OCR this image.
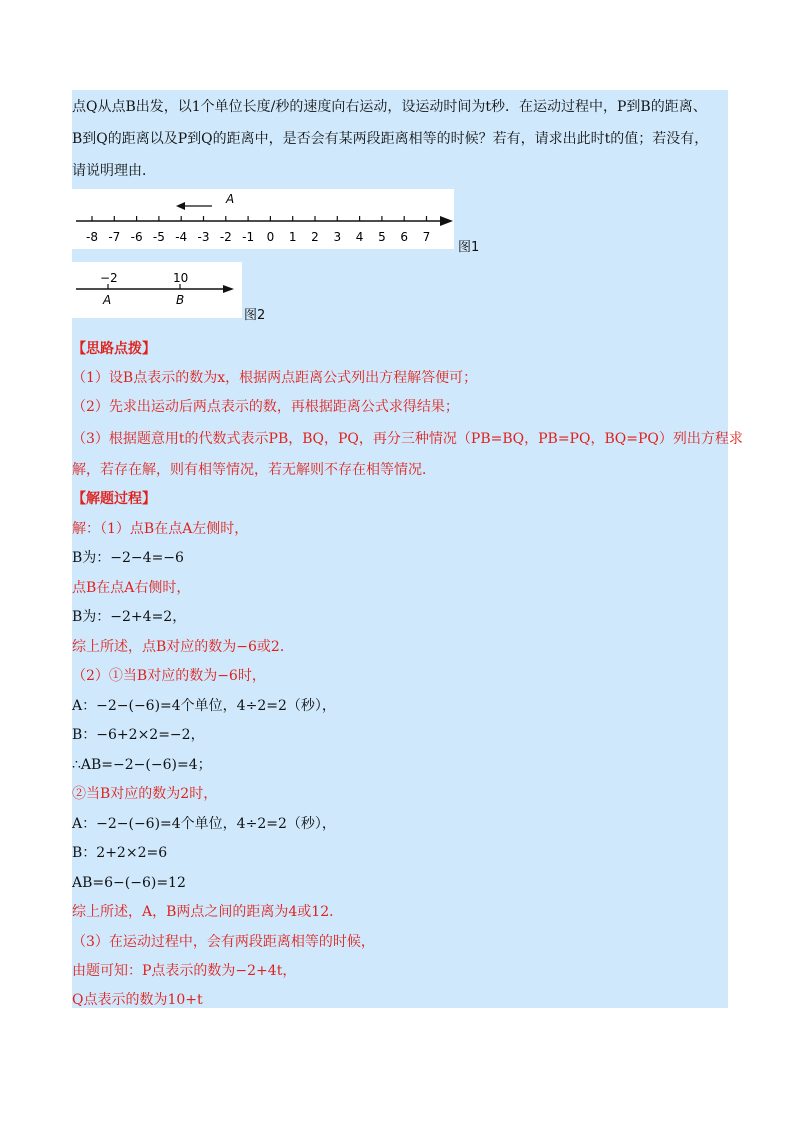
点Q从点B出发，以1个单位长度/秒的速度向右运动，设运动时间为t秒．在运动过程中，P到B的距离、
B到Q的距离以及P到Q的距离中，是否会有某两段距离相等的时候？若有，请求出此时t的值；若没有，
请说明理由．
A
-8 -7 -6 -5 -4 -3 -2 -1 0 1 2 3 4 5 6 7
图1
−2	10
A	B
图2
【思路点拨】
（1）设B点表示的数为x，根据两点距离公式列出方程解答便可；
（2）先求出运动后两点表示的数，再根据距离公式求得结果；
（3）根据题意用t的代数式表示PB，BQ，PQ，再分三种情况（PB=BQ，PB=PQ，BQ=PQ）列出方程求
解，若存在解，则有相等情况，若无解则不存在相等情况．
【解题过程】
解：（1）点B在点A左侧时，
B为：−2−4=−6
点B在点A右侧时，
B为：−2+4=2，
综上所述，点B对应的数为−6或2．
（2）①当B对应的数为−6时，
A：−2−(−6)=4个单位，4÷2=2（秒），
B：−6+2×2=−2，
∴AB=−2−(−6)=4；
②当B对应的数为2时，
A：−2−(−6)=4个单位，4÷2=2（秒），
B：2+2×2=6
AB=6−(−6)=12
综上所述，A，B两点之间的距离为4或12．
（3）在运动过程中，会有两段距离相等的时候，
由题可知：P点表示的数为−2+4t，
Q点表示的数为10+t
